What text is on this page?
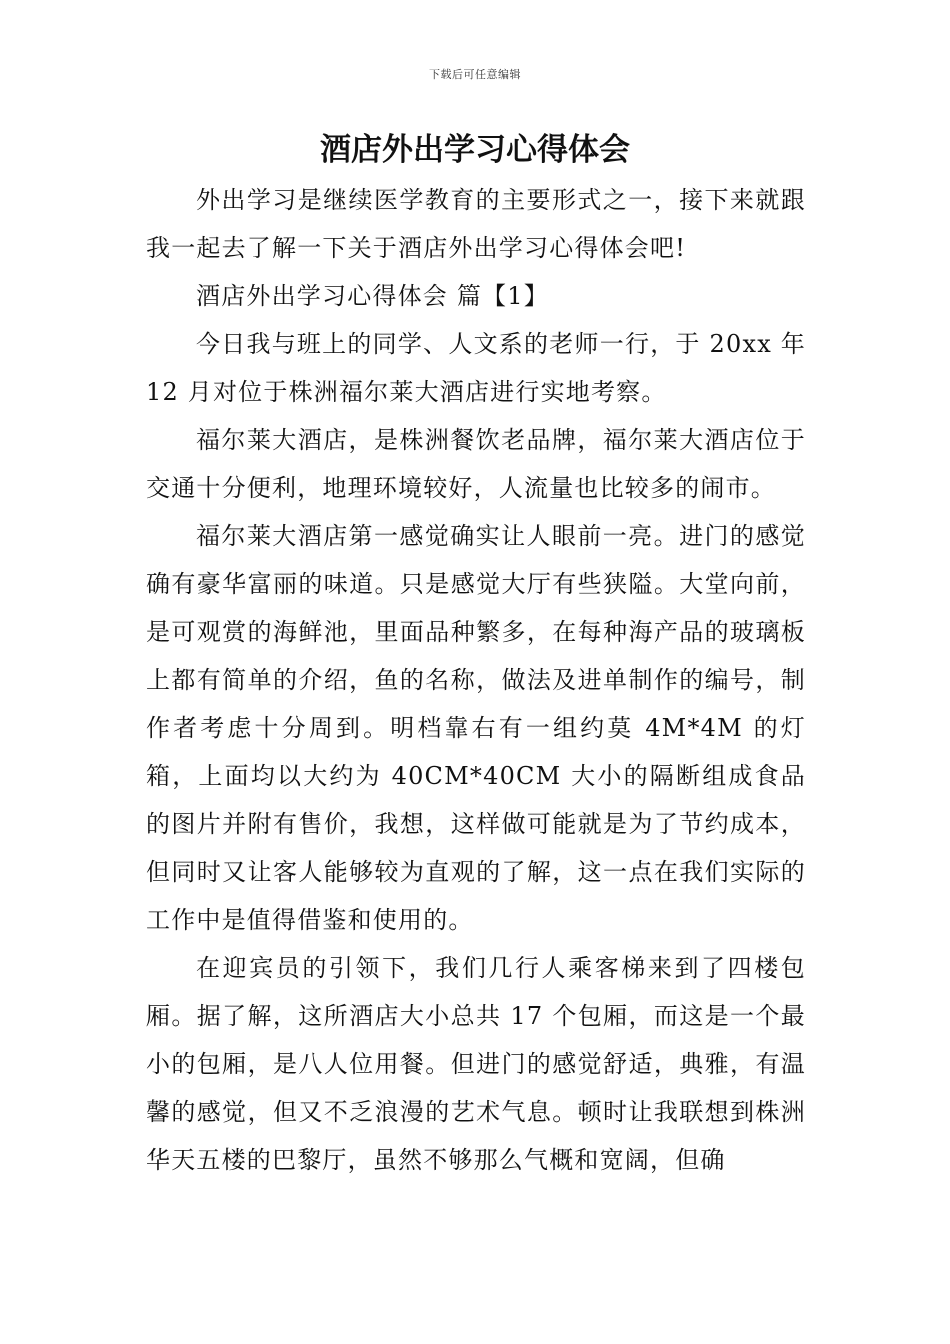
下载后可任意编辑
酒店外出学习心得体会

外出学习是继续医学教育的主要形式之一，接下来就跟我一起去了解一下关于酒店外出学习心得体会吧!

酒店外出学习心得体会 篇【1】

今日我与班上的同学、人文系的老师一行，于 20xx 年12 月对位于株洲福尔莱大酒店进行实地考察。

福尔莱大酒店，是株洲餐饮老品牌，福尔莱大酒店位于交通十分便利，地理环境较好，人流量也比较多的闹市。

福尔莱大酒店第一感觉确实让人眼前一亮。进门的感觉确有豪华富丽的味道。只是感觉大厅有些狭隘。大堂向前，是可观赏的海鲜池，里面品种繁多，在每种海产品的玻璃板上都有简单的介绍，鱼的名称，做法及进单制作的编号，制作者考虑十分周到。明档靠右有一组约莫 4M*4M 的灯箱，上面均以大约为 40CM*40CM 大小的隔断组成食品的图片并附有售价，我想，这样做可能就是为了节约成本，但同时又让客人能够较为直观的了解，这一点在我们实际的工作中是值得借鉴和使用的。

在迎宾员的引领下，我们几行人乘客梯来到了四楼包厢。据了解，这所酒店大小总共 17 个包厢，而这是一个最小的包厢，是八人位用餐。但进门的感觉舒适，典雅，有温馨的感觉，但又不乏浪漫的艺术气息。顿时让我联想到株洲华天五楼的巴黎厅，虽然不够那么气概和宽阔，但确
